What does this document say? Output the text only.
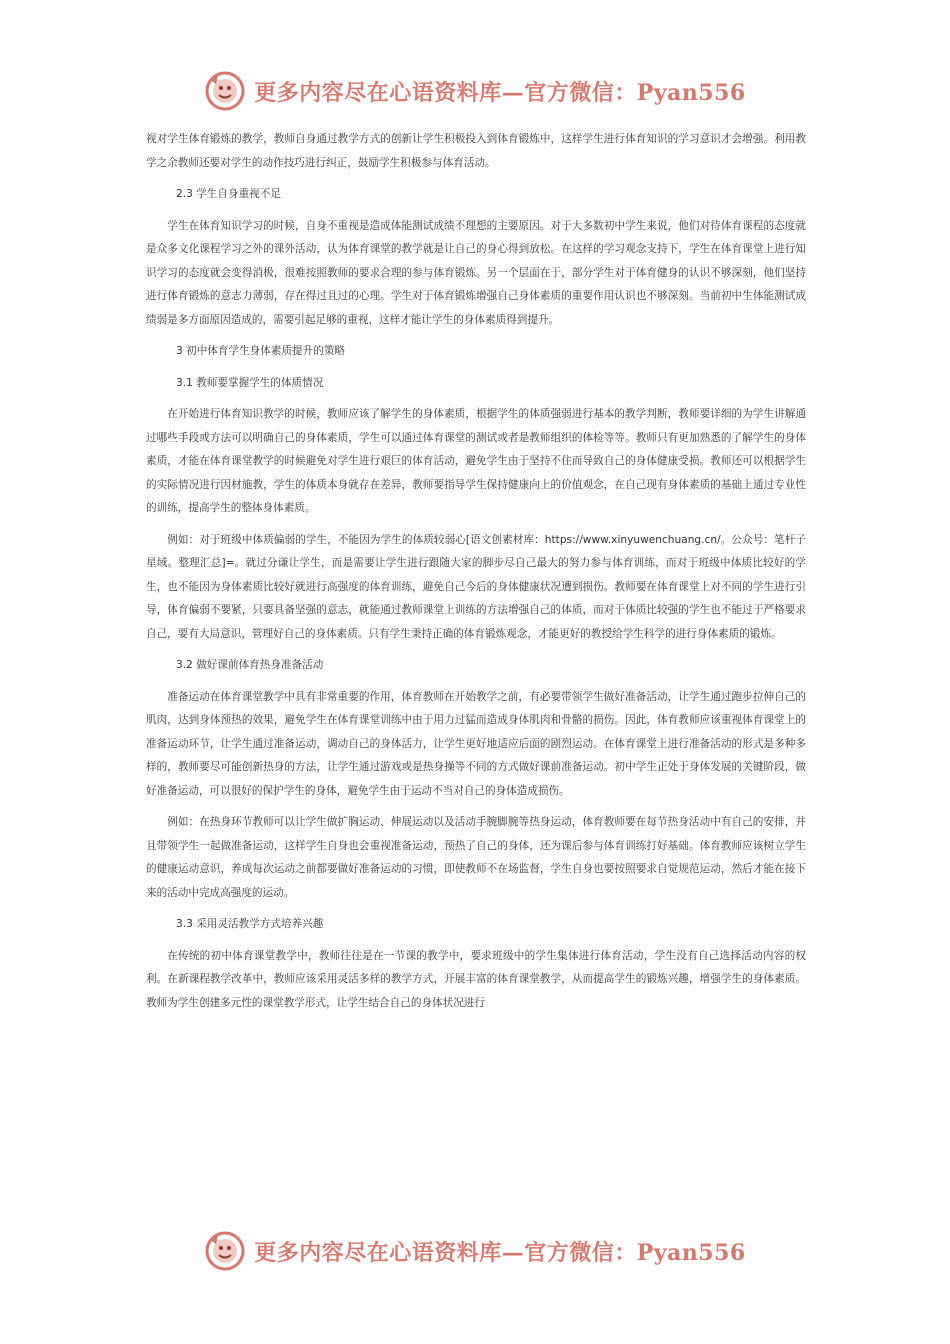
更多内容尽在心语资料库—官方微信：Pyan556

视对学生体育锻炼的教学，教师自身通过教学方式的创新让学生积极投入到体育锻炼中，这样学生进行体育知识的学习意识才会增强。利用教学之余教师还要对学生的动作技巧进行纠正，鼓励学生积极参与体育活动。

2.3 学生自身重视不足

学生在体育知识学习的时候，自身不重视是造成体能测试成绩不理想的主要原因。对于大多数初中学生来说，他们对待体育课程的态度就是众多文化课程学习之外的课外活动，认为体育课堂的教学就是让自己的身心得到放松。在这样的学习观念支持下，学生在体育课堂上进行知识学习的态度就会变得消极，很难按照教师的要求合理的参与体育锻炼。另一个层面在于，部分学生对于体育健身的认识不够深刻，他们坚持进行体育锻炼的意志力薄弱，存在得过且过的心理。学生对于体育锻炼增强自己身体素质的重要作用认识也不够深刻。当前初中生体能测试成绩弱是多方面原因造成的，需要引起足够的重视，这样才能让学生的身体素质得到提升。

3 初中体育学生身体素质提升的策略
3.1 教师要掌握学生的体质情况

在开始进行体育知识教学的时候，教师应该了解学生的身体素质，根据学生的体质强弱进行基本的教学判断，教师要详细的为学生讲解通过哪些手段或方法可以明确自己的身体素质，学生可以通过体育课堂的测试或者是教师组织的体检等等。教师只有更加熟悉的了解学生的身体素质，才能在体育课堂教学的时候避免对学生进行艰巨的体育活动，避免学生由于坚持不住而导致自己的身体健康受损。教师还可以根据学生的实际情况进行因材施教，学生的体质本身就存在差异，教师要指导学生保持健康向上的价值观念，在自己现有身体素质的基础上通过专业性的训练，提高学生的整体身体素质。

例如：对于班级中体质偏弱的学生，不能因为学生的体质较弱心[语文创素材库：https://www.xinyuwenchuang.cn/。公众号：笔杆子星域。整理汇总]=。就过分谦让学生，而是需要让学生进行跟随大家的脚步尽自己最大的努力参与体育训练，而对于班级中体质比较好的学生，也不能因为身体素质比较好就进行高强度的体育训练，避免自己今后的身体健康状况遭到损伤。教师要在体育课堂上对不同的学生进行引导，体育偏弱不要紧，只要具备坚强的意志，就能通过教师课堂上训练的方法增强自己的体质，而对于体质比较强的学生也不能过于严格要求自己，要有大局意识，管理好自己的身体素质。只有学生秉持正确的体育锻炼观念，才能更好的教授给学生科学的进行身体素质的锻炼。

3.2 做好课前体育热身准备活动

准备运动在体育课堂教学中具有非常重要的作用，体育教师在开始教学之前，有必要带领学生做好准备活动，让学生通过跑步拉伸自己的肌肉，达到身体预热的效果，避免学生在体育课堂训练中由于用力过猛而造成身体肌肉和骨骼的损伤。因此，体育教师应该重视体育课堂上的准备运动环节，让学生通过准备运动，调动自己的身体活力，让学生更好地适应后面的剧烈运动。在体育课堂上进行准备活动的形式是多种多样的，教师要尽可能创新热身的方法，让学生通过游戏或是热身操等不同的方式做好课前准备运动。初中学生正处于身体发展的关键阶段，做好准备运动，可以很好的保护学生的身体，避免学生由于运动不当对自己的身体造成损伤。

例如：在热身环节教师可以让学生做扩胸运动、伸展运动以及活动手腕脚腕等热身运动，体育教师要在每节热身活动中有自己的安排，并且带领学生一起做准备运动，这样学生自身也会重视准备运动，预热了自己的身体，还为课后参与体育训练打好基础。体育教师应该树立学生的健康运动意识，养成每次运动之前都要做好准备运动的习惯，即使教师不在场监督，学生自身也要按照要求自觉规范运动，然后才能在接下来的活动中完成高强度的运动。

3.3 采用灵活教学方式培养兴趣

在传统的初中体育课堂教学中，教师往往是在一节课的教学中，要求班级中的学生集体进行体育活动，学生没有自己选择活动内容的权利。在新课程教学改革中，教师应该采用灵活多样的教学方式，开展丰富的体育课堂教学，从而提高学生的锻炼兴趣，增强学生的身体素质。教师为学生创建多元性的课堂教学形式，让学生结合自己的身体状况进行

更多内容尽在心语资料库—官方微信：Pyan556
